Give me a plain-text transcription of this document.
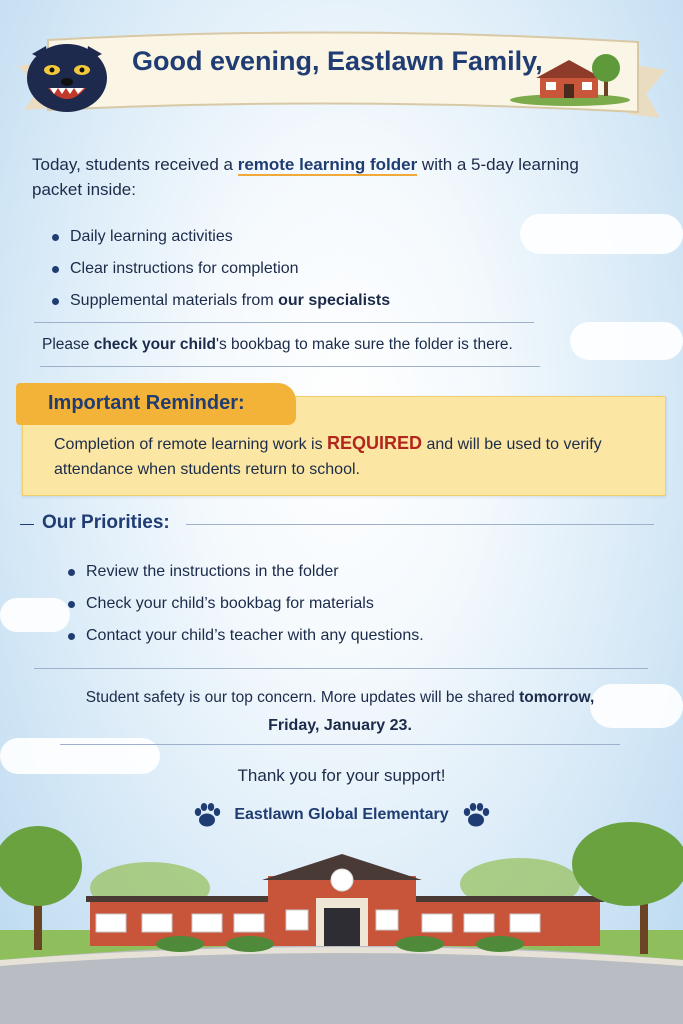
Good evening, Eastlawn Family,
Today, students received a remote learning folder with a 5-day learning packet inside:
Daily learning activities
Clear instructions for completion
Supplemental materials from our specialists
Please check your child's bookbag to make sure the folder is there.
Important Reminder:
Completion of remote learning work is REQUIRED and will be used to verify attendance when students return to school.
Our Priorities:
Review the instructions in the folder
Check your child’s bookbag for materials
Contact your child’s teacher with any questions.
Student safety is our top concern. More updates will be shared tomorrow,
Friday, January 23.
Thank you for your support!
Eastlawn Global Elementary
